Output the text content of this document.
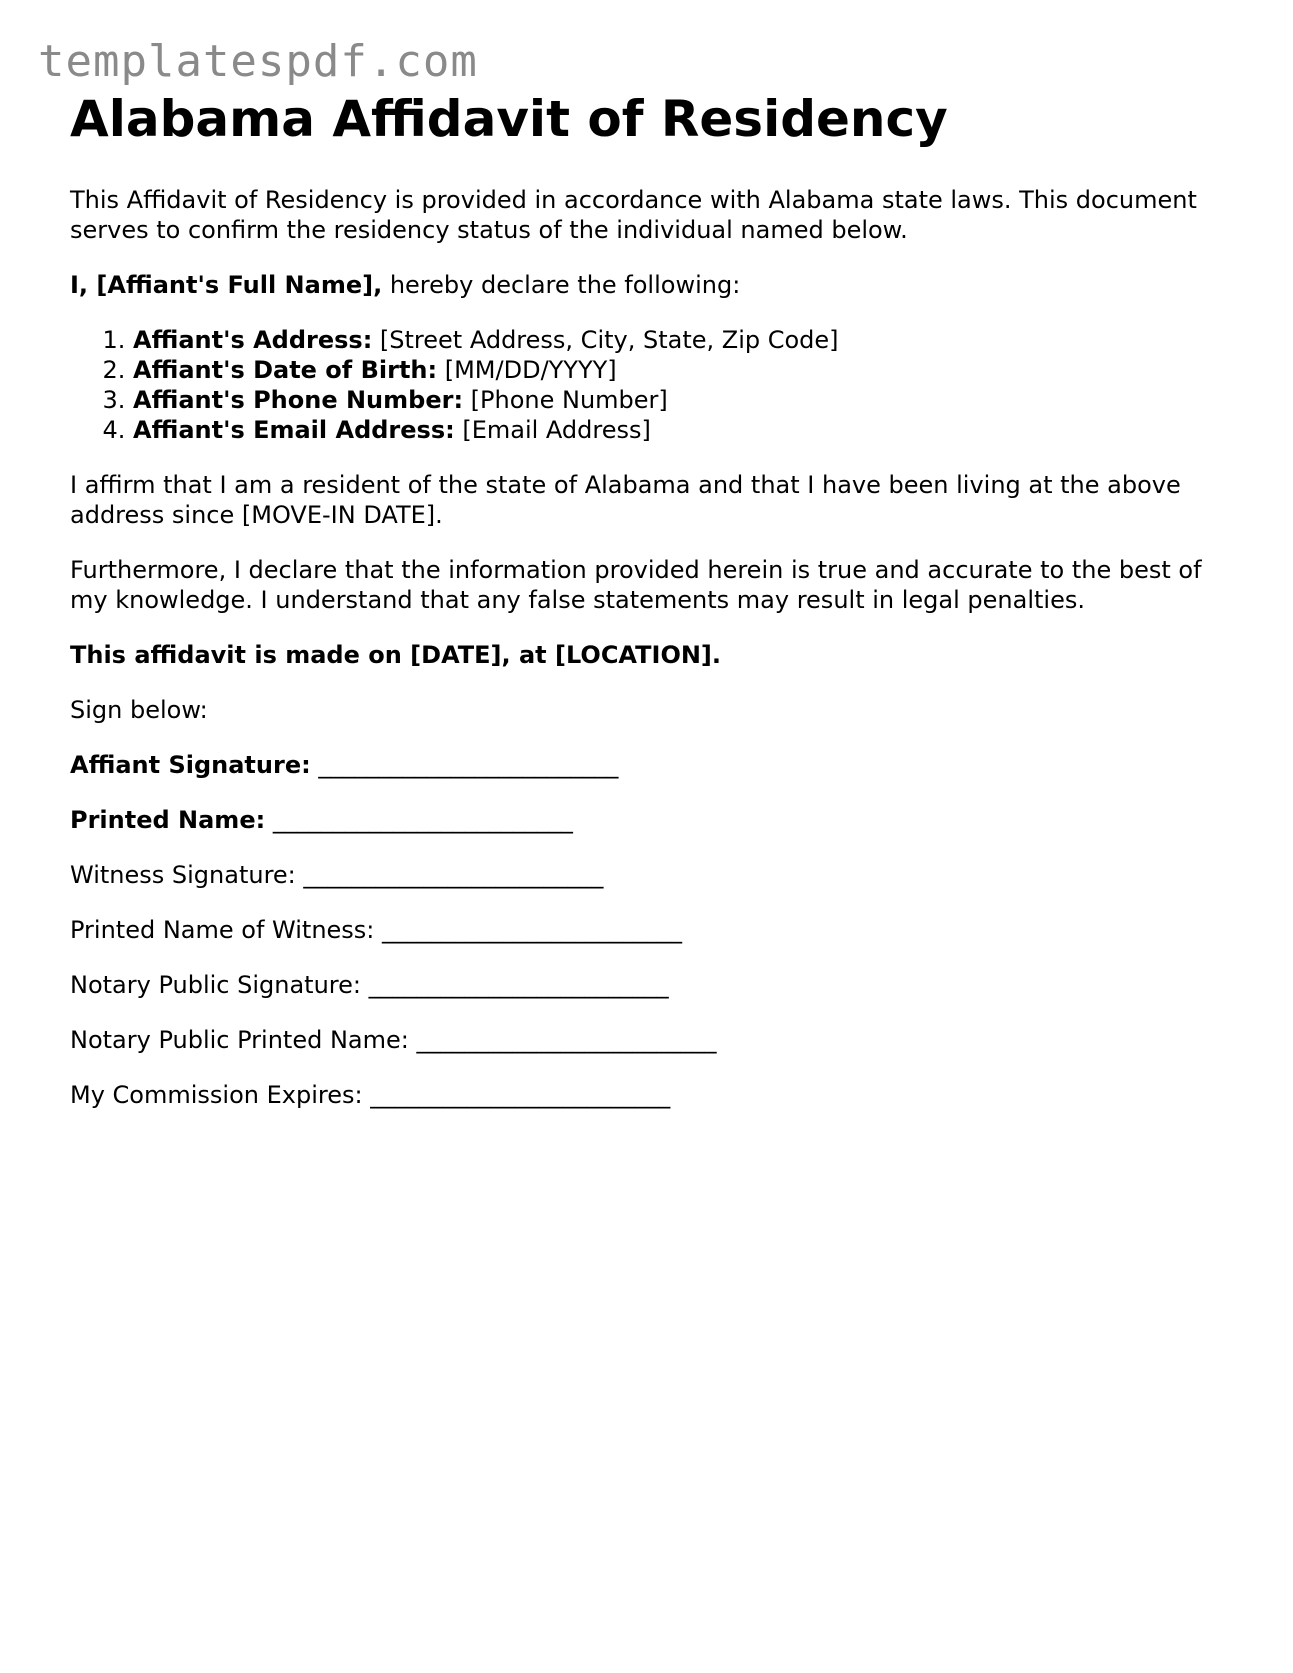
templatespdf.com
Alabama Affidavit of Residency

This Affidavit of Residency is provided in accordance with Alabama state laws. This document serves to confirm the residency status of the individual named below.

I, [Affiant's Full Name], hereby declare the following:

1. Affiant's Address: [Street Address, City, State, Zip Code]
2. Affiant's Date of Birth: [MM/DD/YYYY]
3. Affiant's Phone Number: [Phone Number]
4. Affiant's Email Address: [Email Address]

I affirm that I am a resident of the state of Alabama and that I have been living at the above address since [MOVE-IN DATE].

Furthermore, I declare that the information provided herein is true and accurate to the best of my knowledge. I understand that any false statements may result in legal penalties.

This affidavit is made on [DATE], at [LOCATION].

Sign below:

Affiant Signature: _________________________

Printed Name: _________________________

Witness Signature: _________________________

Printed Name of Witness: _________________________

Notary Public Signature: _________________________

Notary Public Printed Name: _________________________

My Commission Expires: _________________________
